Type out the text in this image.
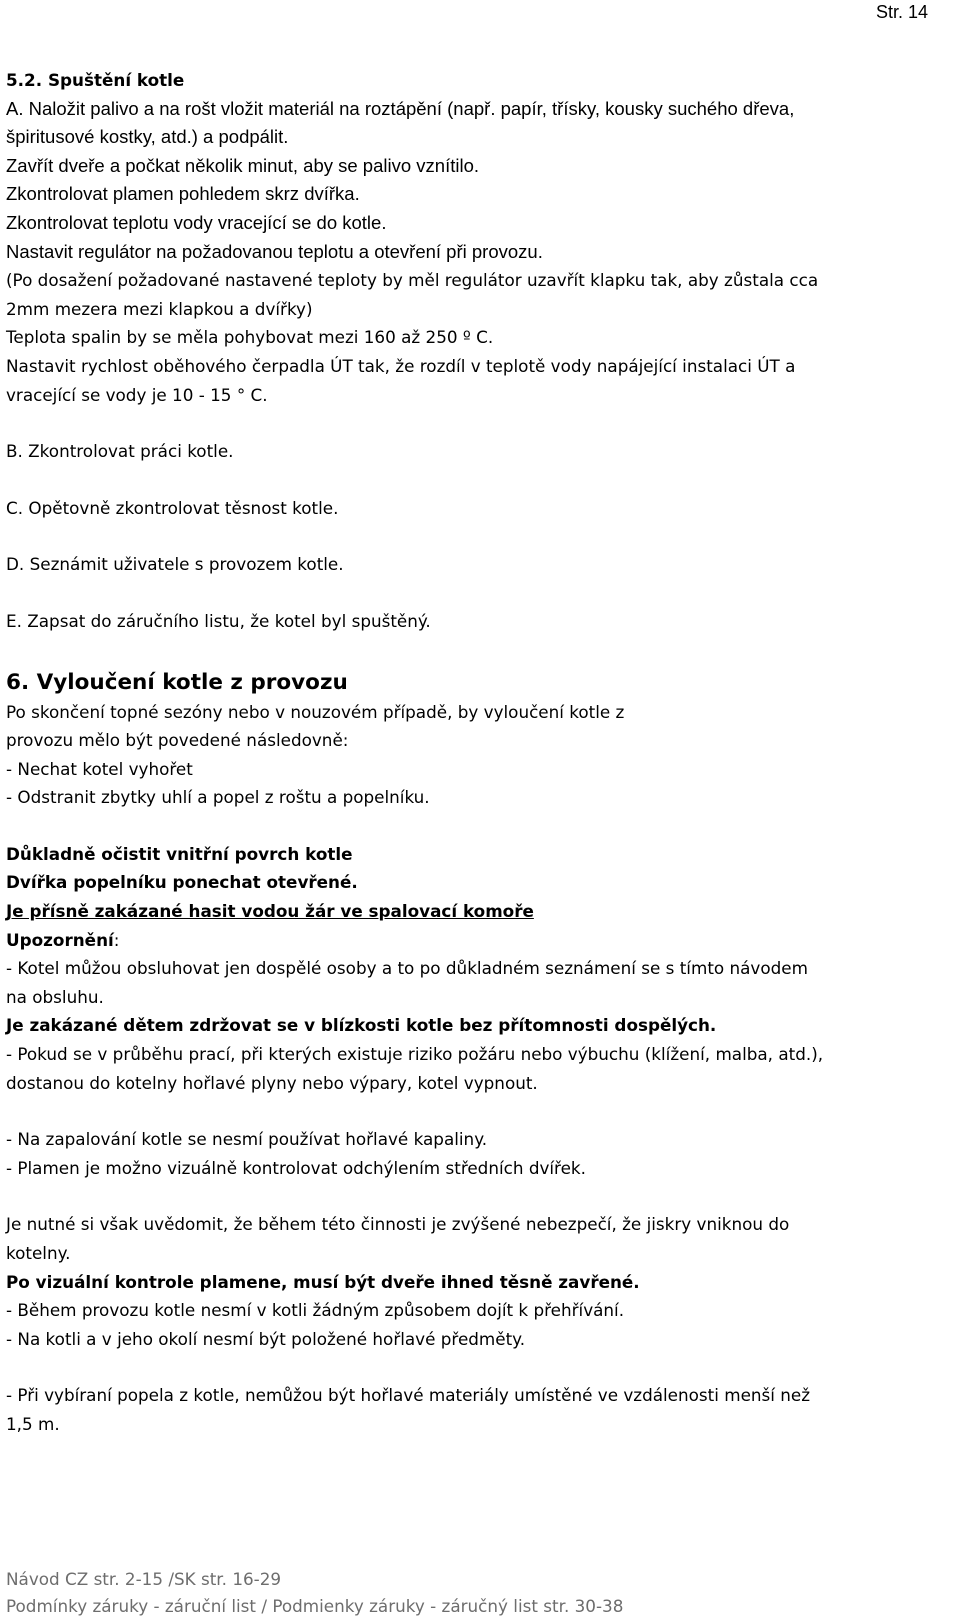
Str. 14

5.2. Spuštění kotle

A. Naložit palivo a na rošt vložit materiál na roztápění (např. papír, třísky, kousky suchého dřeva,

špiritusové kostky, atd.) a podpálit.

Zavřít dveře a počkat několik minut, aby se palivo vznítilo.

Zkontrolovat plamen pohledem skrz dvířka.

Zkontrolovat teplotu vody vracející se do kotle.

Nastavit regulátor na požadovanou teplotu a otevření při provozu.

(Po dosažení požadované nastavené teploty by měl regulátor uzavřít klapku tak, aby zůstala cca

2mm mezera mezi klapkou a dvířky)

Teplota spalin by se měla pohybovat mezi 160 až 250 º C.

Nastavit rychlost oběhového čerpadla ÚT tak, že rozdíl v teplotě vody napájející instalaci ÚT a

vracející se vody je 10 - 15 ° C.

B. Zkontrolovat práci kotle.

C. Opětovně zkontrolovat těsnost kotle.

D. Seznámit uživatele s provozem kotle.

E. Zapsat do záručního listu, že kotel byl spuštěný.

6. Vyloučení kotle z provozu

Po skončení topné sezóny nebo v nouzovém případě, by vyloučení kotle z

provozu mělo být povedené následovně:

- Nechat kotel vyhořet

- Odstranit zbytky uhlí a popel z roštu a popelníku.

Důkladně očistit vnitřní povrch kotle

Dvířka popelníku ponechat otevřené.

Je přísně zakázané hasit vodou žár ve spalovací komoře

Upozornění:

- Kotel můžou obsluhovat jen dospělé osoby a to po důkladném seznámení se s tímto návodem

na obsluhu.

Je zakázané dětem zdržovat se v blízkosti kotle bez přítomnosti dospělých.

- Pokud se v průběhu prací, při kterých existuje riziko požáru nebo výbuchu (klížení, malba, atd.),

dostanou do kotelny hořlavé plyny nebo výpary, kotel vypnout.

- Na zapalování kotle se nesmí používat hořlavé kapaliny.

- Plamen je možno vizuálně kontrolovat odchýlením středních dvířek.

Je nutné si však uvědomit, že během této činnosti je zvýšené nebezpečí, že jiskry vniknou do

kotelny.

Po vizuální kontrole plamene, musí být dveře ihned těsně zavřené.

- Během provozu kotle nesmí v kotli žádným způsobem dojít k přehřívání.

- Na kotli a v jeho okolí nesmí být položené hořlavé předměty.

- Při vybíraní popela z kotle, nemůžou být hořlavé materiály umístěné ve vzdálenosti menší než

1,5 m.

Návod CZ str. 2-15 /SK str. 16-29
Podmínky záruky - záruční list / Podmienky záruky - záručný list str. 30-38
